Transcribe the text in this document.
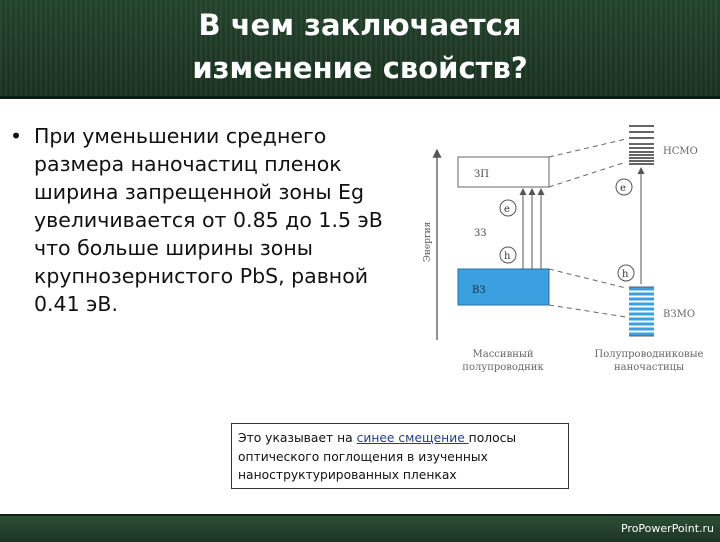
В чем заключается
изменение свойств?
• При уменьшении среднего
размера наночастиц пленок
ширина запрещенной зоны Eg
увеличивается от 0.85 до 1.5 эВ
что больше ширины зоны
крупнозернистого PbS, равной
0.41 эВ.
Энергия
ЗП
ЗЗ
ВЗ
e
h
НСМО
ВЗМО
e
h
Массивный
полупроводник
Полупроводниковые
наночастицы
Это указывает на синее смещение полосы оптического поглощения в изученных наноструктурированных пленках
ProPowerPoint.ru
